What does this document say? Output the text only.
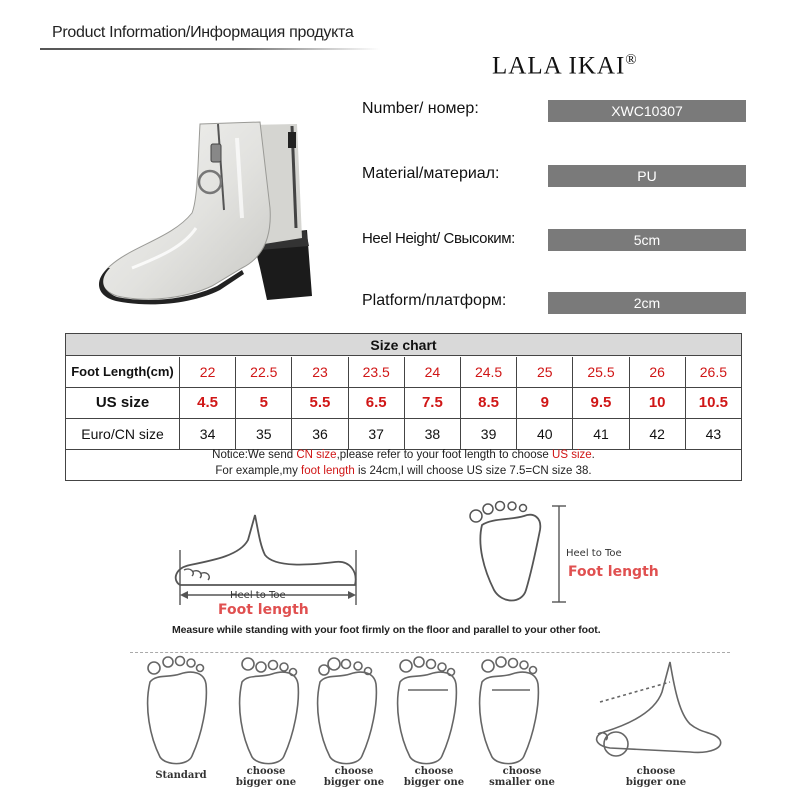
Product Information/Информация продукта
LALA IKAI®
Number/ номер:	XWC10307
Material/материал:	PU
Heel Height/ Свысоким:	5cm
Platform/платформ:	2cm
Size chart
Foot Length(cm)	22	22.5	23	23.5	24	24.5	25	25.5	26	26.5
US size	4.5	5	5.5	6.5	7.5	8.5	9	9.5	10	10.5
Euro/CN size	34	35	36	37	38	39	40	41	42	43
Notice:We send CN size,please refer to your foot length to choose US size.
For example,my foot length is 24cm,I will choose US size 7.5=CN size 38.
Heel to Toe
Foot length
Heel to Toe
Foot length
Measure while standing with your foot firmly on the floor and parallel to your other foot.
Standard	choose
bigger one
choose
bigger one
choose
bigger one
choose
smaller one
choose
bigger one
